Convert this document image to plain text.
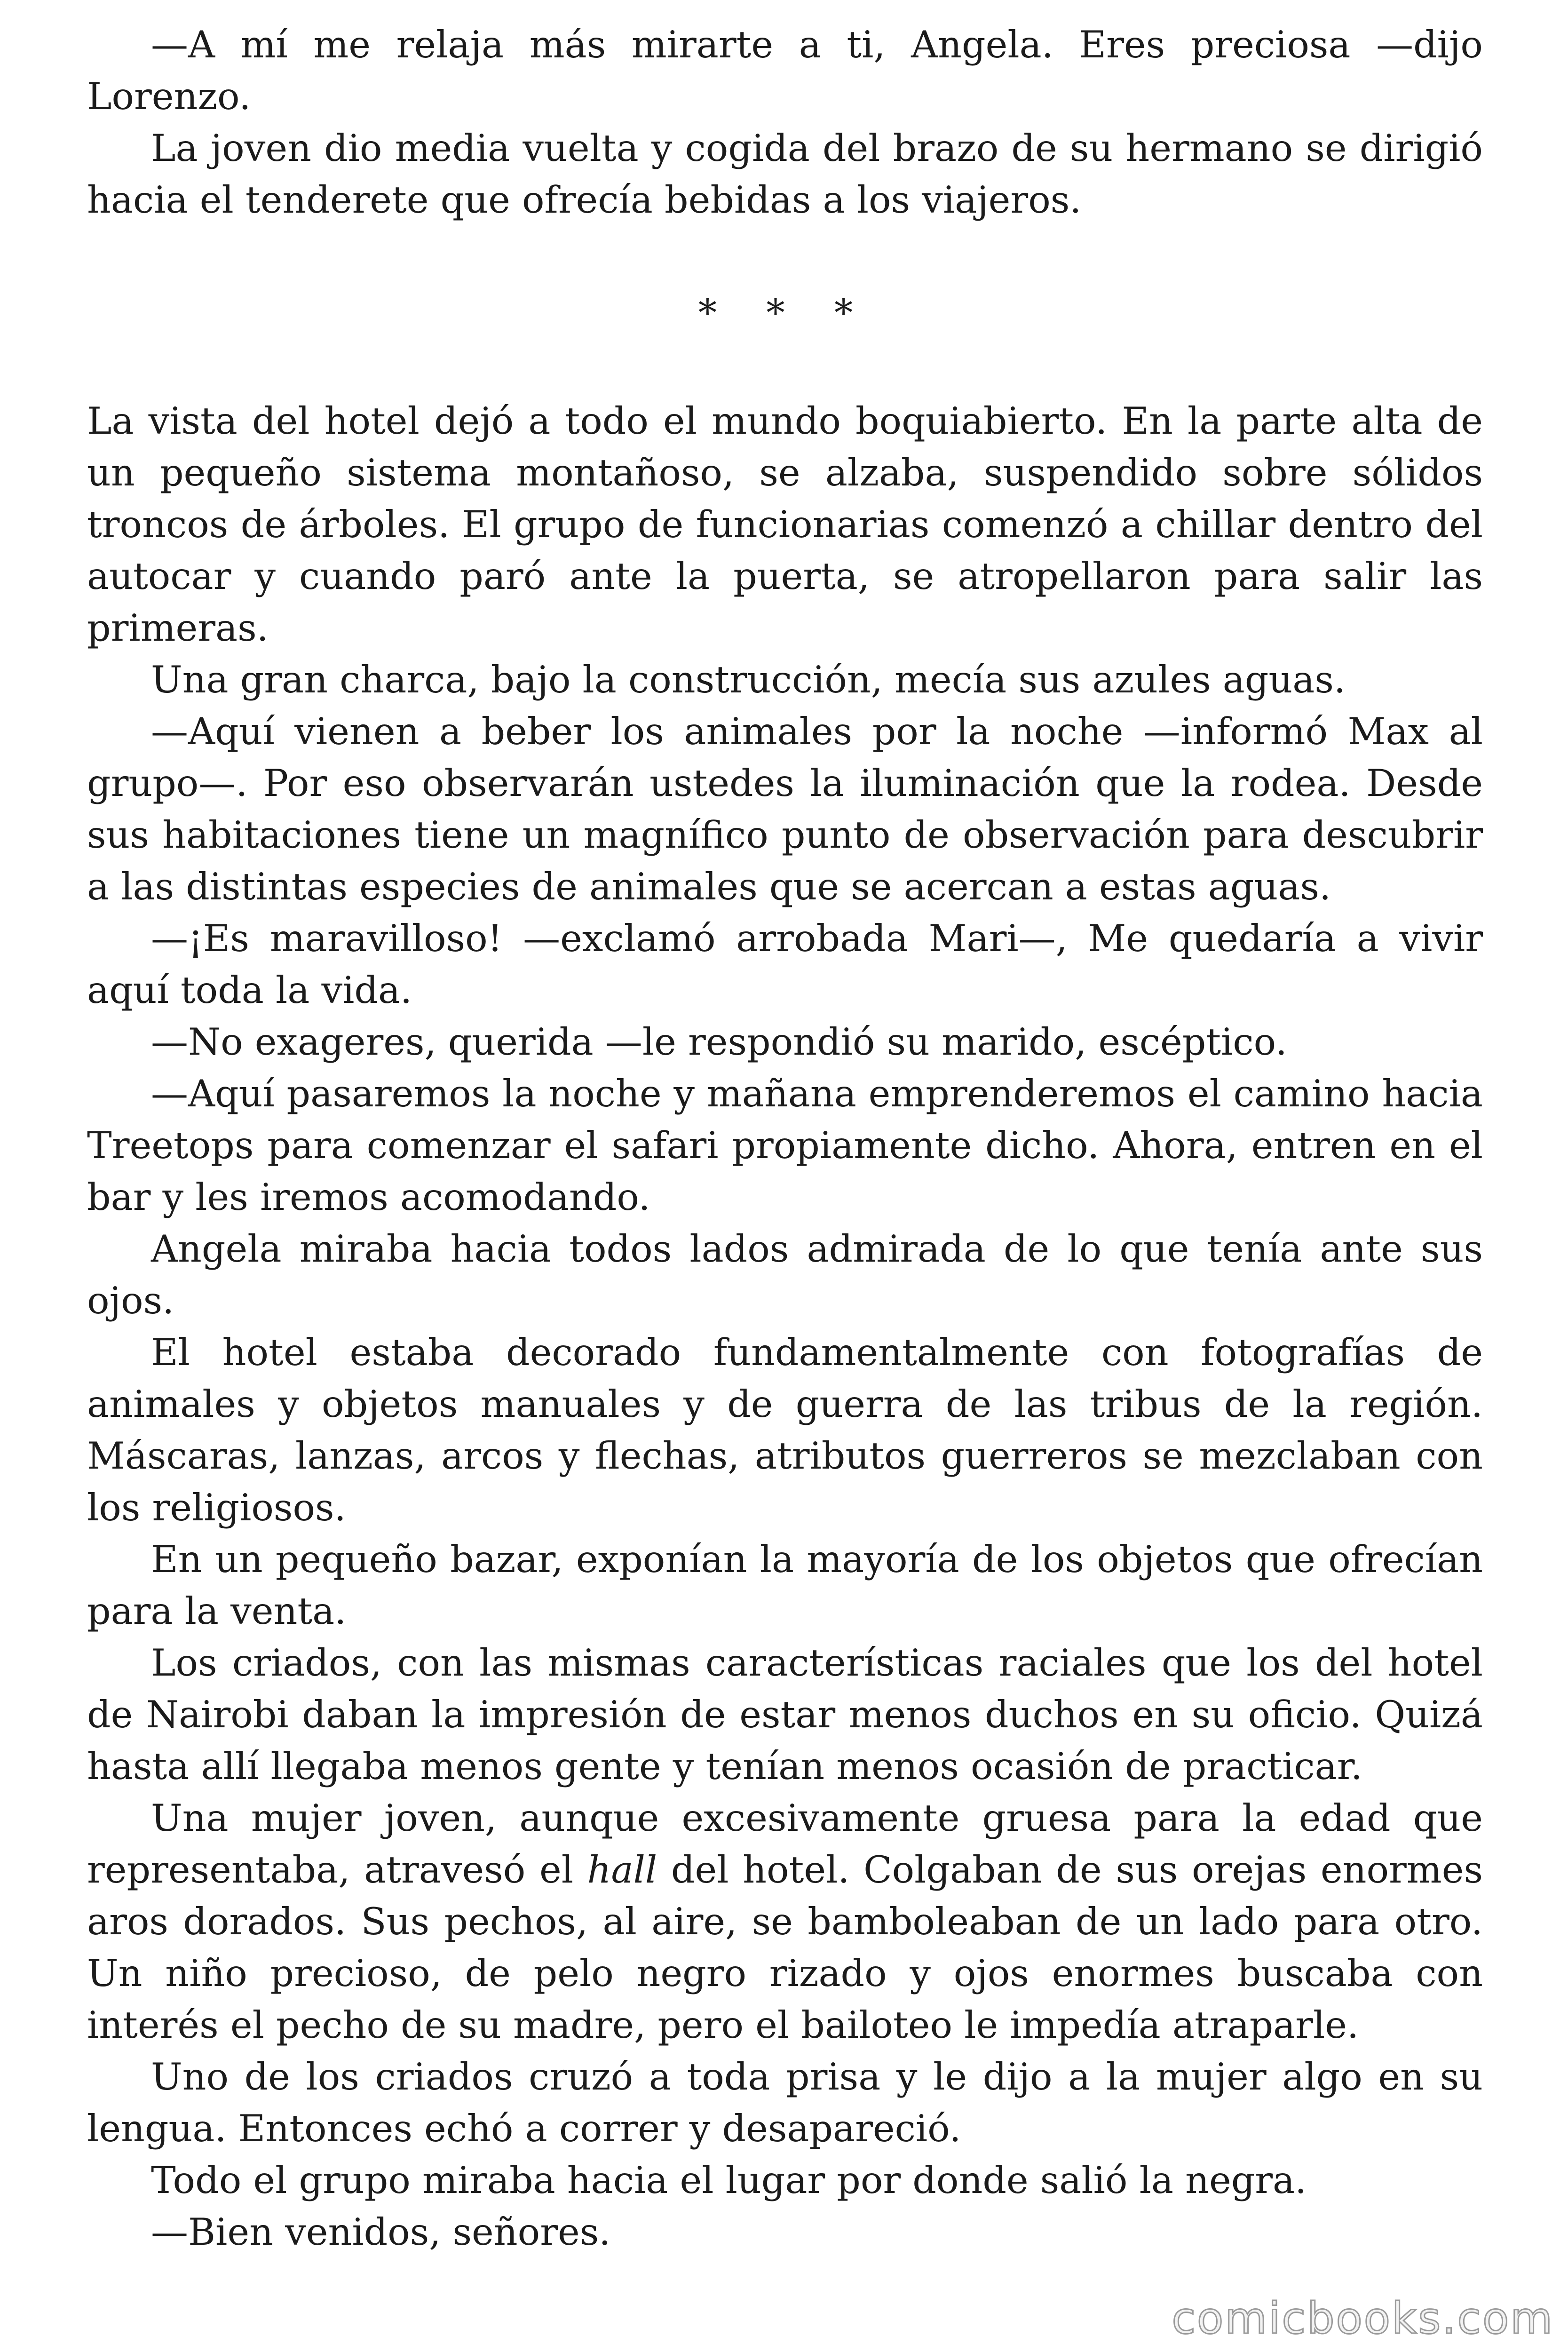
—A mí me relaja más mirarte a ti, Angela. Eres preciosa —dijo Lorenzo.

La joven dio media vuelta y cogida del brazo de su hermano se dirigió hacia el tenderete que ofrecía bebidas a los viajeros.

* * *

La vista del hotel dejó a todo el mundo boquiabierto. En la parte alta de un pequeño sistema montañoso, se alzaba, suspendido sobre sólidos troncos de árboles. El grupo de funcionarias comenzó a chillar dentro del autocar y cuando paró ante la puerta, se atropellaron para salir las primeras.

Una gran charca, bajo la construcción, mecía sus azules aguas.

—Aquí vienen a beber los animales por la noche —informó Max al grupo—. Por eso observarán ustedes la iluminación que la rodea. Desde sus habitaciones tiene un magnífico punto de observación para descubrir a las distintas especies de animales que se acercan a estas aguas.

—¡Es maravilloso! —exclamó arrobada Mari—, Me quedaría a vivir aquí toda la vida.

—No exageres, querida —le respondió su marido, escéptico.

—Aquí pasaremos la noche y mañana emprenderemos el camino hacia Treetops para comenzar el safari propiamente dicho. Ahora, entren en el bar y les iremos acomodando.

Angela miraba hacia todos lados admirada de lo que tenía ante sus ojos.

El hotel estaba decorado fundamentalmente con fotografías de animales y objetos manuales y de guerra de las tribus de la región. Máscaras, lanzas, arcos y flechas, atributos guerreros se mezclaban con los religiosos.

En un pequeño bazar, exponían la mayoría de los objetos que ofrecían para la venta.

Los criados, con las mismas características raciales que los del hotel de Nairobi daban la impresión de estar menos duchos en su oficio. Quizá hasta allí llegaba menos gente y tenían menos ocasión de practicar.

Una mujer joven, aunque excesivamente gruesa para la edad que representaba, atravesó el hall del hotel. Colgaban de sus orejas enormes aros dorados. Sus pechos, al aire, se bamboleaban de un lado para otro. Un niño precioso, de pelo negro rizado y ojos enormes buscaba con interés el pecho de su madre, pero el bailoteo le impedía atraparle.

Uno de los criados cruzó a toda prisa y le dijo a la mujer algo en su lengua. Entonces echó a correr y desapareció.

Todo el grupo miraba hacia el lugar por donde salió la negra.

—Bien venidos, señores.

comicbooks.com
